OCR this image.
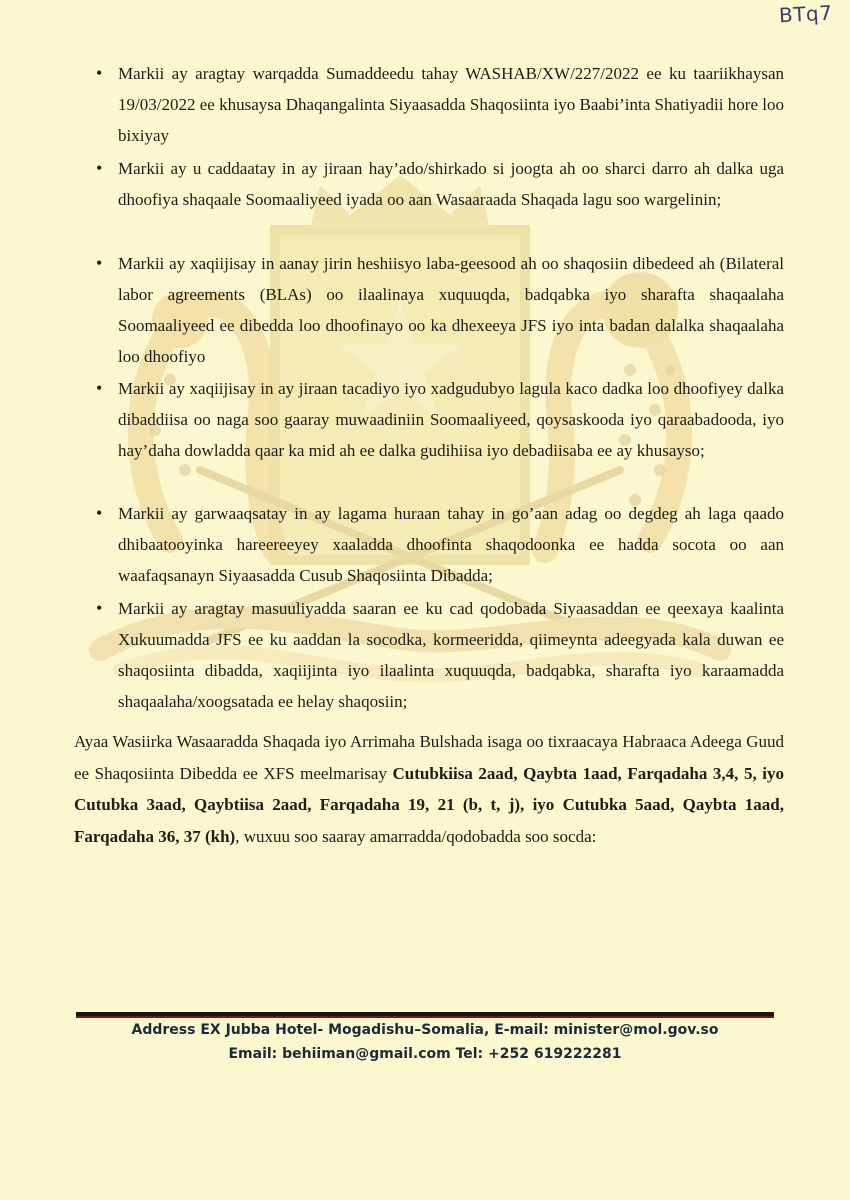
BTq7
• Markii ay aragtay warqadda Sumaddeedu tahay WASHAB/XW/227/2022 ee ku taariikhaysan 19/03/2022 ee khusaysa Dhaqangalinta Siyaasadda Shaqosiinta iyo Baabi’inta Shatiyadii hore loo bixiyay
• Markii ay u caddaatay in ay jiraan hay’ado/shirkado si joogta ah oo sharci darro ah dalka uga dhoofiya shaqaale Soomaaliyeed iyada oo aan Wasaaraada Shaqada lagu soo wargelinin;
• Markii ay xaqiijisay in aanay jirin heshiisyo laba-geesood ah oo shaqosiin dibedeed ah (Bilateral labor agreements (BLAs) oo ilaalinaya xuquuqda, badqabka iyo sharafta shaqaalaha Soomaaliyeed ee dibedda loo dhoofinayo oo ka dhexeeya JFS iyo inta badan dalalka shaqaalaha loo dhoofiyo
• Markii ay xaqiijisay in ay jiraan tacadiyo iyo xadgudubyo lagula kaco dadka loo dhoofiyey dalka dibaddiisa oo naga soo gaaray muwaadiniin Soomaaliyeed, qoysaskooda iyo qaraabadooda, iyo hay’daha dowladda qaar ka mid ah ee dalka gudihiisa iyo debadiisaba ee ay khusayso;
• Markii ay garwaaqsatay in ay lagama huraan tahay in go’aan adag oo degdeg ah laga qaado dhibaatooyinka hareereeyey xaaladda dhoofinta shaqodoonka ee hadda socota oo aan waafaqsanayn Siyaasadda Cusub Shaqosiinta Dibadda;
• Markii ay aragtay masuuliyadda saaran ee ku cad qodobada Siyaasaddan ee qeexaya kaalinta Xukuumadda JFS ee ku aaddan la socodka, kormeeridda, qiimeynta adeegyada kala duwan ee shaqosiinta dibadda, xaqiijinta iyo ilaalinta xuquuqda, badqabka, sharafta iyo karaamadda shaqaalaha/xoogsatada ee helay shaqosiin;

Ayaa Wasiirka Wasaaradda Shaqada iyo Arrimaha Bulshada isaga oo tixraacaya Habraaca Adeega Guud ee Shaqosiinta Dibedda ee XFS meelmarisay Cutubkiisa 2aad, Qaybta 1aad, Farqadaha 3,4, 5, iyo Cutubka 3aad, Qaybtiisa 2aad, Farqadaha 19, 21 (b, t, j), iyo Cutubka 5aad, Qaybta 1aad, Farqadaha 36, 37 (kh), wuxuu soo saaray amarradda/qodobadda soo socda:

Address EX Jubba Hotel- Mogadishu–Somalia, E-mail: minister@mol.gov.so
Email: behiiman@gmail.com Tel: +252 619222281
